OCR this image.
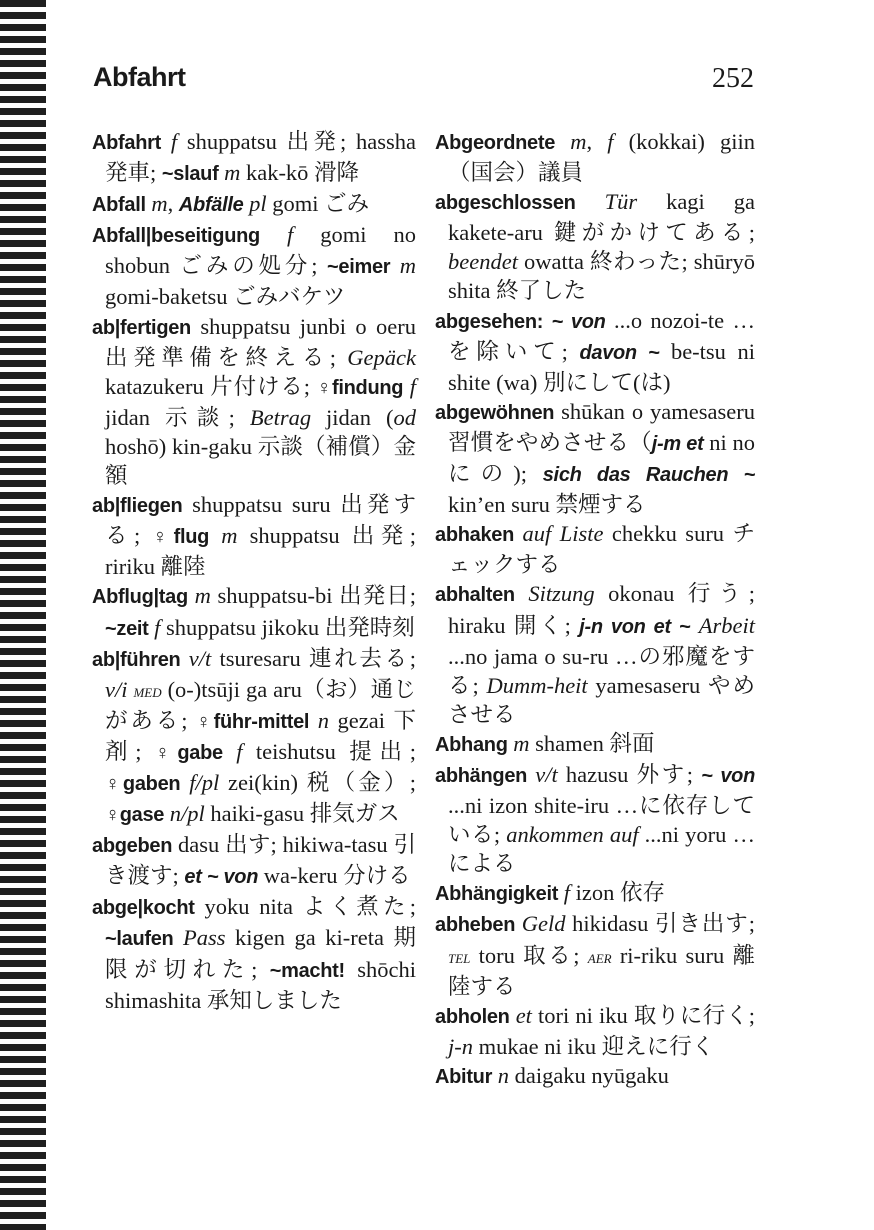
Abfahrt	252

Abfahrt f shuppatsu 出発; hassha 発車; ~slauf m kak-kō 滑降

Abfall m, Abfälle pl gomi ごみ

Abfall|beseitigung f gomi no shobun ごみの処分; ~eimer m gomi-baketsu ごみバケツ

ab|fertigen shuppatsu junbi o oeru 出発準備を終える; Gepäck katazukeru 片付ける; ♀findung f jidan 示談; Betrag jidan (od hoshō) kin-gaku 示談（補償）金額

ab|fliegen shuppatsu suru 出発する; ♀flug m shuppatsu 出発; ririku 離陸

Abflug|tag m shuppatsu-bi 出発日; ~zeit f shuppatsu jikoku 出発時刻

ab|führen v/t tsuresaru 連れ去る; v/i med (o-)tsūji ga aru（お）通じがある; ♀führ-mittel n gezai 下剤; ♀gabe f teishutsu 提出; ♀gaben f/pl zei(kin) 税（金）; ♀gase n/pl haiki-gasu 排気ガス

abgeben dasu 出す; hikiwa-tasu 引き渡す; et ~ von wa-keru 分ける

abge|kocht yoku nita よく煮た; ~laufen Pass kigen ga ki-reta 期限が切れた; ~macht! shōchi shimashita 承知しました

Abgeordnete m, f (kokkai) giin（国会）議員

abgeschlossen Tür kagi ga kakete-aru 鍵がかけてある; beendet owatta 終わった; shūryō shita 終了した

abgesehen: ~ von ...o nozoi-te …を除いて; davon ~ be-tsu ni shite (wa) 別にして(は)

abgewöhnen shūkan o yamesaseru 習慣をやめさせる（j-m et ni no にの); sich das Rauchen ~ kin’en suru 禁煙する

abhaken auf Liste chekku suru チェックする

abhalten Sitzung okonau 行う; hiraku 開く; j-n von et ~ Arbeit ...no jama o su-ru …の邪魔をする; Dumm-heit yamesaseru やめさせる

Abhang m shamen 斜面

abhängen v/t hazusu 外す; ~ von ...ni izon shite-iru …に依存している; ankommen auf ...ni yoru …による

Abhängigkeit f izon 依存

abheben Geld hikidasu 引き出す; tel toru 取る; aer ri-riku suru 離陸する

abholen et tori ni iku 取りに行く; j-n mukae ni iku 迎えに行く

Abitur n daigaku nyūgaku
